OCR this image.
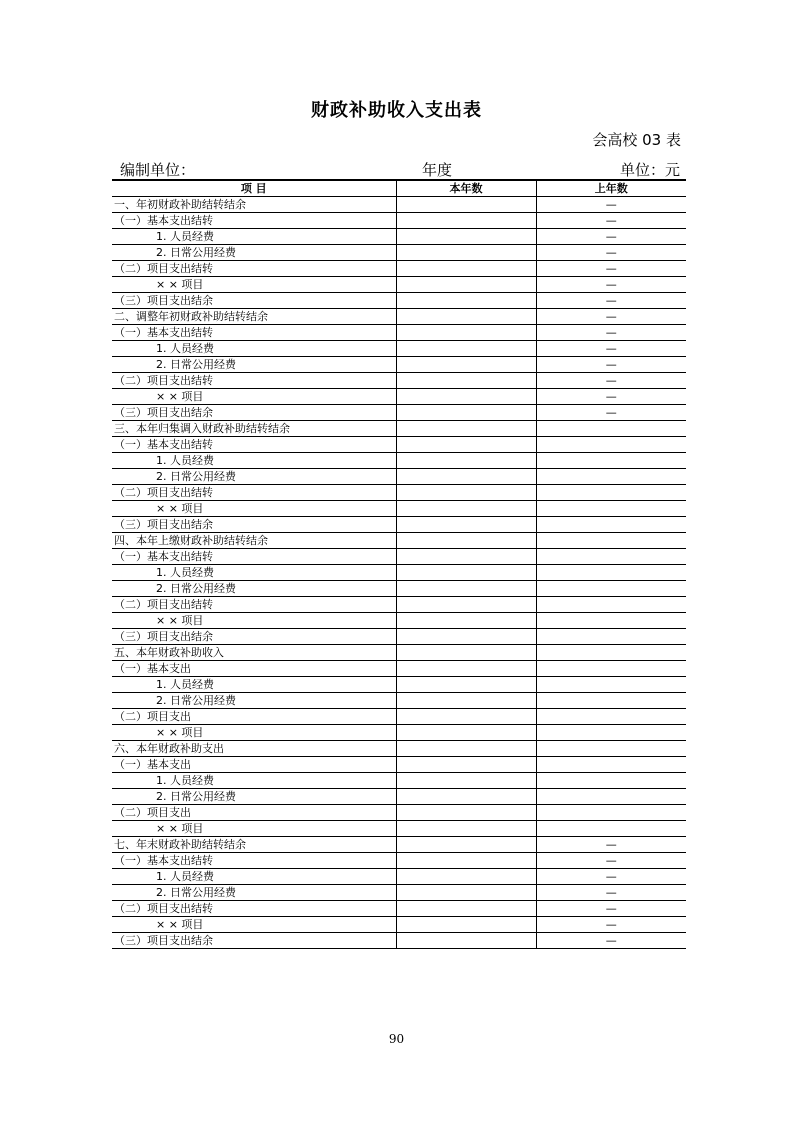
财政补助收入支出表
会高校 03 表
编制单位：	年度	单位：元
项 目	本年数	上年数
一、年初财政补助结转结余		—
（一）基本支出结转		—
1. 人员经费		—
2. 日常公用经费		—
（二）项目支出结转		—
× × 项目		—
（三）项目支出结余		—
二、调整年初财政补助结转结余		—
（一）基本支出结转		—
1. 人员经费		—
2. 日常公用经费		—
（二）项目支出结转		—
× × 项目		—
（三）项目支出结余		—
三、本年归集调入财政补助结转结余		
（一）基本支出结转		
1. 人员经费		
2. 日常公用经费		
（二）项目支出结转		
× × 项目		
（三）项目支出结余		
四、本年上缴财政补助结转结余		
（一）基本支出结转		
1. 人员经费		
2. 日常公用经费		
（二）项目支出结转		
× × 项目		
（三）项目支出结余		
五、本年财政补助收入		
（一）基本支出		
1. 人员经费		
2. 日常公用经费		
（二）项目支出		
× × 项目		
六、本年财政补助支出		
（一）基本支出		
1. 人员经费		
2. 日常公用经费		
（二）项目支出		
× × 项目		
七、年末财政补助结转结余		—
（一）基本支出结转		—
1. 人员经费		—
2. 日常公用经费		—
（二）项目支出结转		—
× × 项目		—
（三）项目支出结余		—
90
